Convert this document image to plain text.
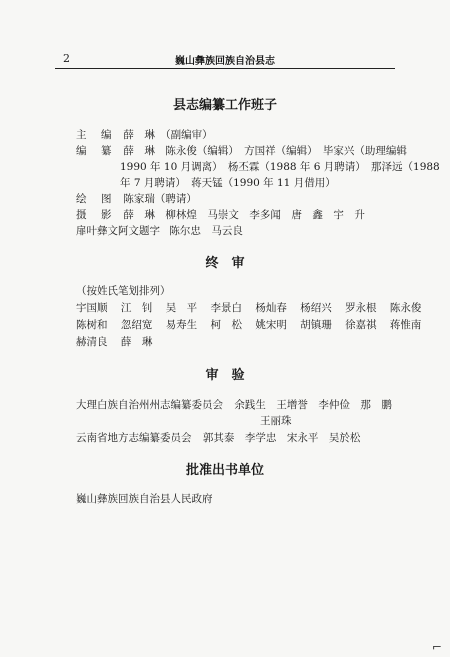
2	巍山彝族回族自治县志
县志编纂工作班子
主　编 薛　琳　（副编审）
编　纂 薛　琳　陈永俊（编辑）　方国祥（编辑）　毕家兴（助理编辑
1990 年 10 月调离）　杨丕霖（1988 年 6 月聘请）　那泽远（1988
年 7 月聘请）　蒋天锰（1990 年 11 月借用）
绘　图 陈家瑞（聘请）
摄　影 薛　琳　柳林煌　马崇文　李多闻　唐　鑫　宇　升
扉叶彝文阿文题字 陈尔忠　马云良
终　审
（按姓氏笔划排列）
宇国顺 江　钊 吴　平 李景白 杨灿春 杨绍兴 罗永根 陈永俊
陈树和 忽绍宽 易寿生 柯　松 姚宋明 胡镇珊 徐嘉祺 蒋惟南
赫清良 薛　琳
审　验
大理白族自治州州志编纂委员会 余践生　王增誉　李仲俭　那　鹏
王丽珠
云南省地方志编纂委员会 郭其泰　李学忠　宋永平　吴於松
批准出书单位
巍山彝族回族自治县人民政府
⌐
